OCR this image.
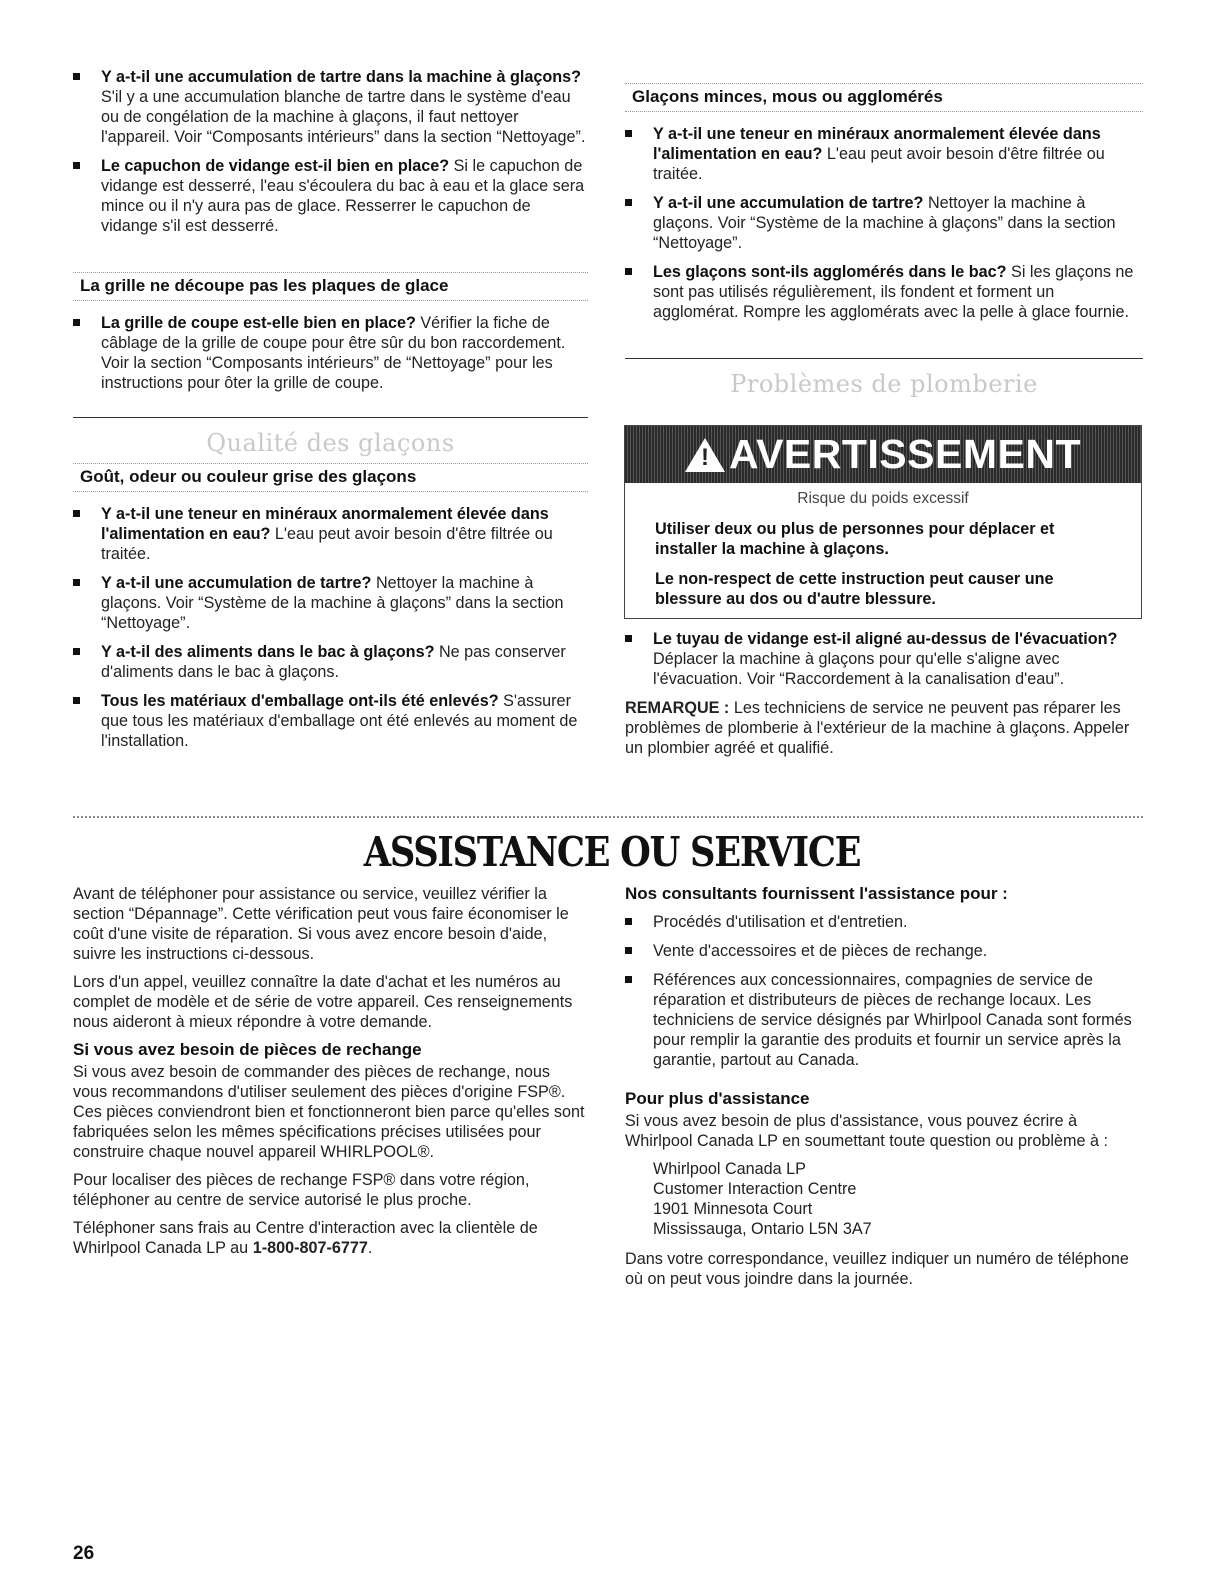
Y a-t-il une accumulation de tartre dans la machine à glaçons? S'il y a une accumulation blanche de tartre dans le système d'eau ou de congélation de la machine à glaçons, il faut nettoyer l'appareil. Voir “Composants intérieurs” dans la section “Nettoyage”.
Le capuchon de vidange est-il bien en place? Si le capuchon de vidange est desserré, l'eau s'écoulera du bac à eau et la glace sera mince ou il n'y aura pas de glace. Resserrer le capuchon de vidange s'il est desserré.
La grille ne découpe pas les plaques de glace
La grille de coupe est-elle bien en place? Vérifier la fiche de câblage de la grille de coupe pour être sûr du bon raccordement. Voir la section “Composants intérieurs” de “Nettoyage” pour les instructions pour ôter la grille de coupe.
Qualité des glaçons
Goût, odeur ou couleur grise des glaçons
Y a-t-il une teneur en minéraux anormalement élevée dans l'alimentation en eau? L'eau peut avoir besoin d'être filtrée ou traitée.
Y a-t-il une accumulation de tartre? Nettoyer la machine à glaçons. Voir “Système de la machine à glaçons” dans la section “Nettoyage”.
Y a-t-il des aliments dans le bac à glaçons? Ne pas conserver d'aliments dans le bac à glaçons.
Tous les matériaux d'emballage ont-ils été enlevés? S'assurer que tous les matériaux d'emballage ont été enlevés au moment de l'installation.
Glaçons minces, mous ou agglomérés
Y a-t-il une teneur en minéraux anormalement élevée dans l'alimentation en eau? L'eau peut avoir besoin d'être filtrée ou traitée.
Y a-t-il une accumulation de tartre? Nettoyer la machine à glaçons. Voir “Système de la machine à glaçons” dans la section “Nettoyage”.
Les glaçons sont-ils agglomérés dans le bac? Si les glaçons ne sont pas utilisés régulièrement, ils fondent et forment un agglomérat. Rompre les agglomérats avec la pelle à glace fournie.
Problèmes de plomberie
!
AVERTISSEMENT
Risque du poids excessif
Utiliser deux ou plus de personnes pour déplacer et installer la machine à glaçons.
Le non-respect de cette instruction peut causer une blessure au dos ou d'autre blessure.
Le tuyau de vidange est-il aligné au-dessus de l'évacuation? Déplacer la machine à glaçons pour qu'elle s'aligne avec l'évacuation. Voir “Raccordement à la canalisation d'eau”.

REMARQUE : Les techniciens de service ne peuvent pas réparer les problèmes de plomberie à l'extérieur de la machine à glaçons. Appeler un plombier agréé et qualifié.

ASSISTANCE OU SERVICE

Avant de téléphoner pour assistance ou service, veuillez vérifier la section “Dépannage”. Cette vérification peut vous faire économiser le coût d'une visite de réparation. Si vous avez encore besoin d'aide, suivre les instructions ci-dessous.

Lors d'un appel, veuillez connaître la date d'achat et les numéros au complet de modèle et de série de votre appareil. Ces renseignements nous aideront à mieux répondre à votre demande.

Si vous avez besoin de pièces de rechange

Si vous avez besoin de commander des pièces de rechange, nous vous recommandons d'utiliser seulement des pièces d'origine FSP®. Ces pièces conviendront bien et fonctionneront bien parce qu'elles sont fabriquées selon les mêmes spécifications précises utilisées pour construire chaque nouvel appareil WHIRLPOOL®.

Pour localiser des pièces de rechange FSP® dans votre région, téléphoner au centre de service autorisé le plus proche.

Téléphoner sans frais au Centre d'interaction avec la clientèle de Whirlpool Canada LP au 1-800-807-6777.

Nos consultants fournissent l'assistance pour :
Procédés d'utilisation et d'entretien.
Vente d'accessoires et de pièces de rechange.
Références aux concessionnaires, compagnies de service de réparation et distributeurs de pièces de rechange locaux. Les techniciens de service désignés par Whirlpool Canada sont formés pour remplir la garantie des produits et fournir un service après la garantie, partout au Canada.
Pour plus d'assistance

Si vous avez besoin de plus d'assistance, vous pouvez écrire à Whirlpool Canada LP en soumettant toute question ou problème à :

Whirlpool Canada LP
Customer Interaction Centre
1901 Minnesota Court
Mississauga, Ontario L5N 3A7

Dans votre correspondance, veuillez indiquer un numéro de téléphone où on peut vous joindre dans la journée.

26
